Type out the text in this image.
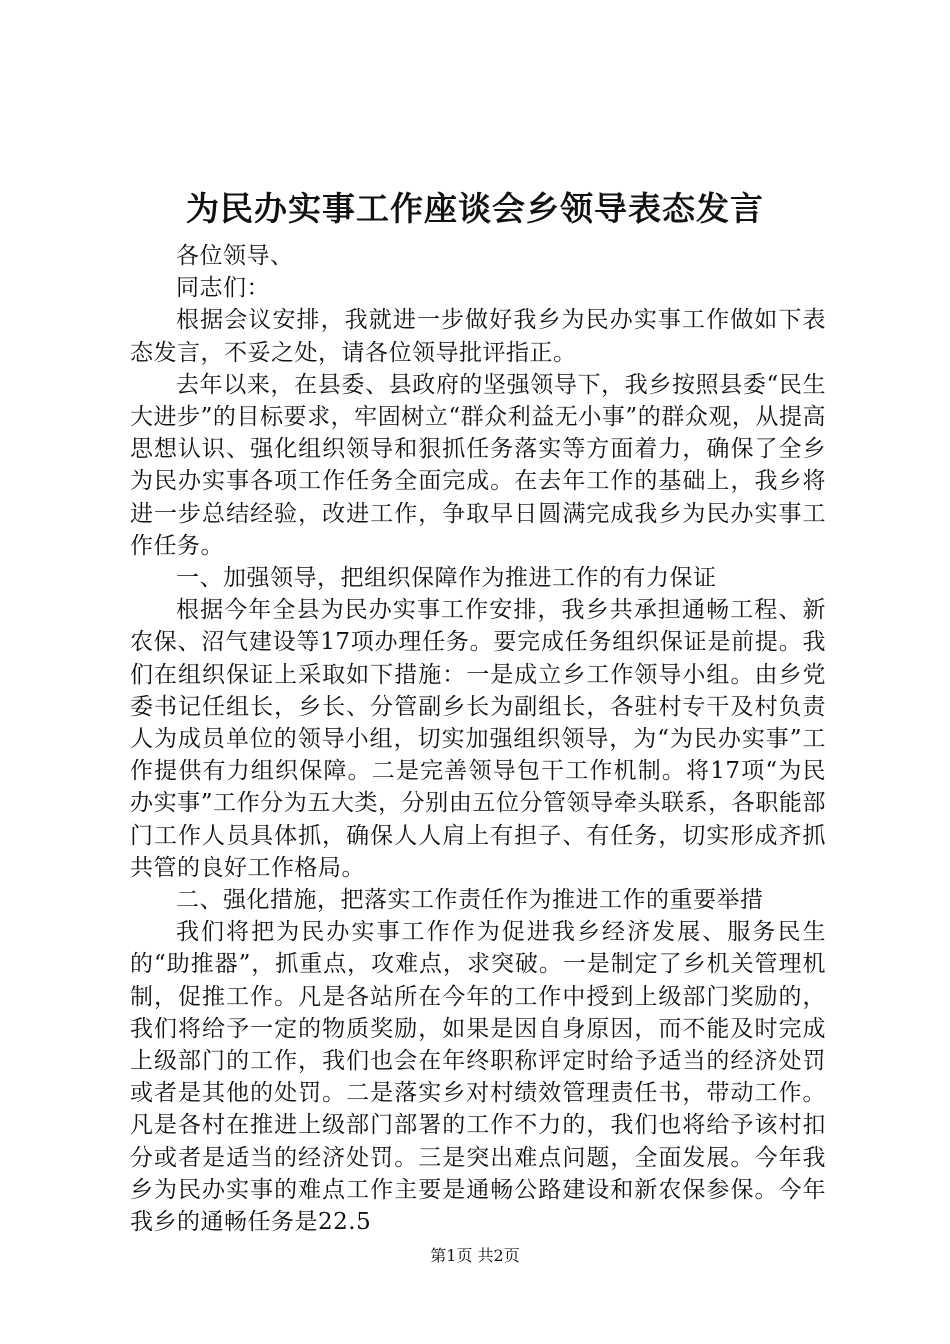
为民办实事工作座谈会乡领导表态发言

各位领导、

同志们：

根据会议安排，我就进一步做好我乡为民办实事工作做如下表态发言，不妥之处，请各位领导批评指正。

去年以来，在县委、县政府的坚强领导下，我乡按照县委“民生大进步”的目标要求，牢固树立“群众利益无小事”的群众观，从提高思想认识、强化组织领导和狠抓任务落实等方面着力，确保了全乡为民办实事各项工作任务全面完成。在去年工作的基础上，我乡将进一步总结经验，改进工作，争取早日圆满完成我乡为民办实事工作任务。

一、加强领导，把组织保障作为推进工作的有力保证

根据今年全县为民办实事工作安排，我乡共承担通畅工程、新农保、沼气建设等17项办理任务。要完成任务组织保证是前提。我们在组织保证上采取如下措施：一是成立乡工作领导小组。由乡党委书记任组长，乡长、分管副乡长为副组长，各驻村专干及村负责人为成员单位的领导小组，切实加强组织领导，为“为民办实事”工作提供有力组织保障。二是完善领导包干工作机制。将17项“为民办实事”工作分为五大类，分别由五位分管领导牵头联系，各职能部门工作人员具体抓，确保人人肩上有担子、有任务，切实形成齐抓共管的良好工作格局。

二、强化措施，把落实工作责任作为推进工作的重要举措

我们将把为民办实事工作作为促进我乡经济发展、服务民生的“助推器”，抓重点，攻难点，求突破。一是制定了乡机关管理机制，促推工作。凡是各站所在今年的工作中授到上级部门奖励的，我们将给予一定的物质奖励，如果是因自身原因，而不能及时完成上级部门的工作，我们也会在年终职称评定时给予适当的经济处罚或者是其他的处罚。二是落实乡对村绩效管理责任书，带动工作。凡是各村在推进上级部门部署的工作不力的，我们也将给予该村扣分或者是适当的经济处罚。三是突出难点问题，全面发展。今年我乡为民办实事的难点工作主要是通畅公路建设和新农保参保。今年我乡的通畅任务是22.5

第1页 共2页
